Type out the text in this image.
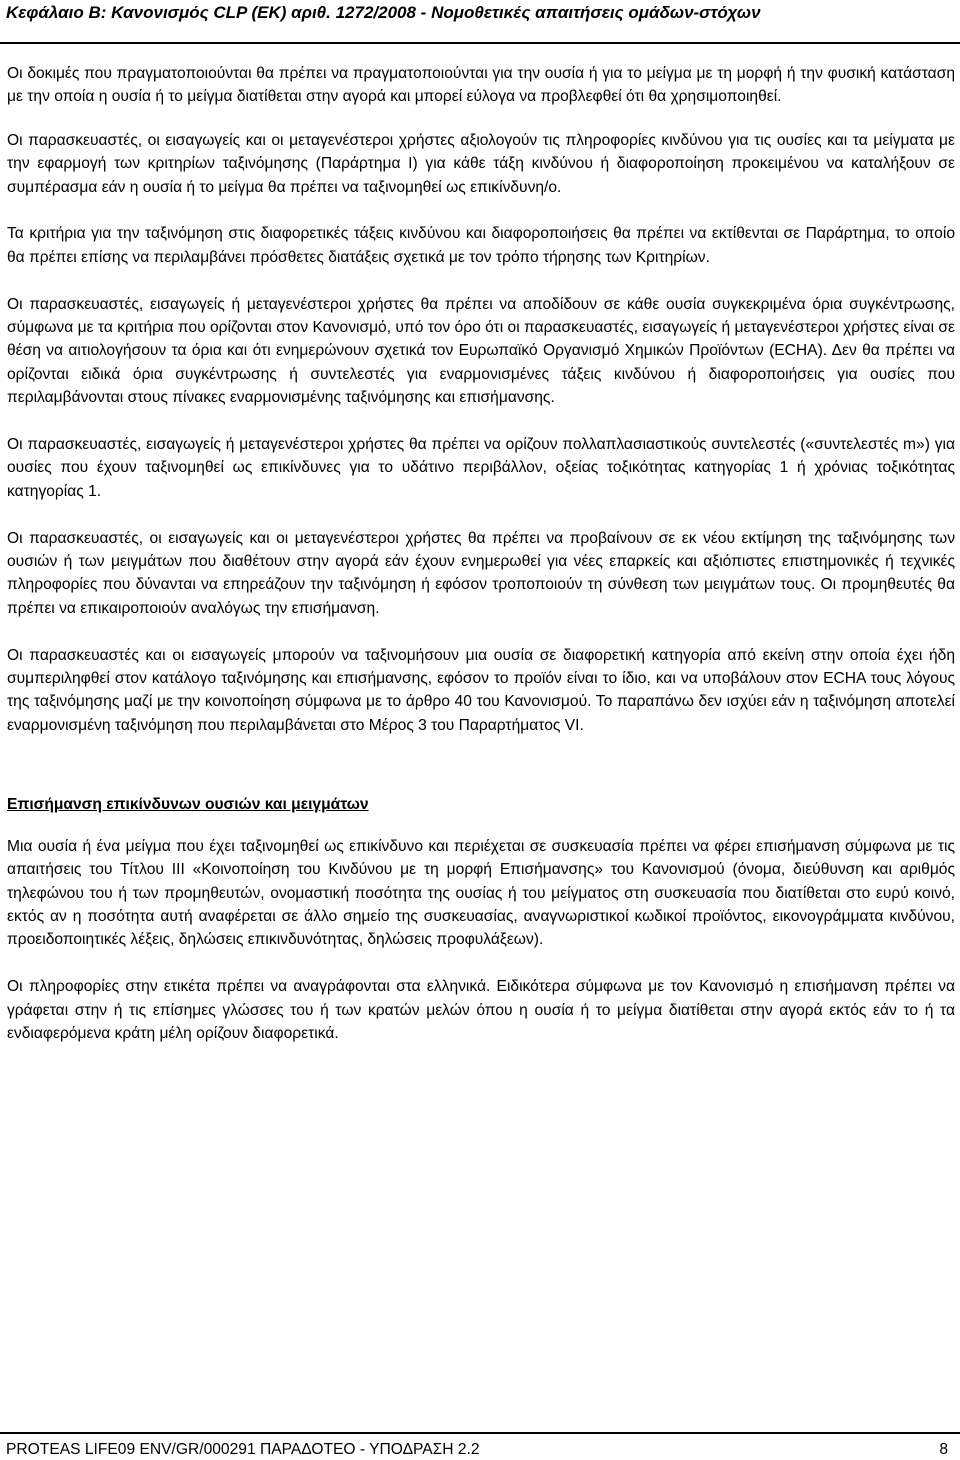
Κεφάλαιο Β: Κανονισμός CLP (ΕΚ) αριθ. 1272/2008 - Νομοθετικές απαιτήσεις ομάδων-στόχων

Οι δοκιμές που πραγματοποιούνται θα πρέπει να πραγματοποιούνται για την ουσία ή για το μείγμα με τη μορφή ή την φυσική κατάσταση με την οποία η ουσία ή το μείγμα διατίθεται στην αγορά και μπορεί εύλογα να προβλεφθεί ότι θα χρησιμοποιηθεί.

Οι παρασκευαστές, οι εισαγωγείς και οι μεταγενέστεροι χρήστες αξιολογούν τις πληροφορίες κινδύνου για τις ουσίες και τα μείγματα με την εφαρμογή των κριτηρίων ταξινόμησης (Παράρτημα Ι) για κάθε τάξη κινδύνου ή διαφοροποίηση προκειμένου να καταλήξουν σε συμπέρασμα εάν η ουσία ή το μείγμα θα πρέπει να ταξινομηθεί ως επικίνδυνη/ο.

Τα κριτήρια για την ταξινόμηση στις διαφορετικές τάξεις κινδύνου και διαφοροποιήσεις θα πρέπει να εκτίθενται σε Παράρτημα, το οποίο θα πρέπει επίσης να περιλαμβάνει πρόσθετες διατάξεις σχετικά με τον τρόπο τήρησης των Κριτηρίων.

Οι παρασκευαστές, εισαγωγείς ή μεταγενέστεροι χρήστες θα πρέπει να αποδίδουν σε κάθε ουσία συγκεκριμένα όρια συγκέντρωσης, σύμφωνα με τα κριτήρια που ορίζονται στον Κανονισμό, υπό τον όρο ότι οι παρασκευαστές, εισαγωγείς ή μεταγενέστεροι χρήστες είναι σε θέση να αιτιολογήσουν τα όρια και ότι ενημερώνουν σχετικά τον Ευρωπαϊκό Οργανισμό Χημικών Προϊόντων (ECHA). Δεν θα πρέπει να ορίζονται ειδικά όρια συγκέντρωσης ή συντελεστές για εναρμονισμένες τάξεις κινδύνου ή διαφοροποιήσεις για ουσίες που περιλαμβάνονται στους πίνακες εναρμονισμένης ταξινόμησης και επισήμανσης.

Οι παρασκευαστές, εισαγωγείς ή μεταγενέστεροι χρήστες θα πρέπει να ορίζουν πολλαπλασιαστικούς συντελεστές («συντελεστές m») για ουσίες που έχουν ταξινομηθεί ως επικίνδυνες για το υδάτινο περιβάλλον, οξείας τοξικότητας κατηγορίας 1 ή χρόνιας τοξικότητας κατηγορίας 1.

Οι παρασκευαστές, οι εισαγωγείς και οι μεταγενέστεροι χρήστες θα πρέπει να προβαίνουν σε εκ νέου εκτίμηση της ταξινόμησης των ουσιών ή των μειγμάτων που διαθέτουν στην αγορά εάν έχουν ενημερωθεί για νέες επαρκείς και αξιόπιστες επιστημονικές ή τεχνικές πληροφορίες που δύνανται να επηρεάζουν την ταξινόμηση ή εφόσον τροποποιούν τη σύνθεση των μειγμάτων τους. Οι προμηθευτές θα πρέπει να επικαιροποιούν αναλόγως την επισήμανση.

Οι παρασκευαστές και οι εισαγωγείς μπορούν να ταξινομήσουν μια ουσία σε διαφορετική κατηγορία από εκείνη στην οποία έχει ήδη συμπεριληφθεί στον κατάλογο ταξινόμησης και επισήμανσης, εφόσον το προϊόν είναι το ίδιο, και να υποβάλουν στον ECHA τους λόγους της ταξινόμησης μαζί με την κοινοποίηση σύμφωνα με το άρθρο 40 του Κανονισμού. Το παραπάνω δεν ισχύει εάν η ταξινόμηση αποτελεί εναρμονισμένη ταξινόμηση που περιλαμβάνεται στο Μέρος 3 του Παραρτήματος VI.

Επισήμανση επικίνδυνων ουσιών και μειγμάτων

Μια ουσία ή ένα μείγμα που έχει ταξινομηθεί ως επικίνδυνο και περιέχεται σε συσκευασία πρέπει να φέρει επισήμανση σύμφωνα με τις απαιτήσεις του Τίτλου ΙΙΙ «Κοινοποίηση του Κινδύνου με τη μορφή Επισήμανσης» του Κανονισμού (όνομα, διεύθυνση και αριθμός τηλεφώνου του ή των προμηθευτών, ονομαστική ποσότητα της ουσίας ή του μείγματος στη συσκευασία που διατίθεται στο ευρύ κοινό, εκτός αν η ποσότητα αυτή αναφέρεται σε άλλο σημείο της συσκευασίας, αναγνωριστικοί κωδικοί προϊόντος, εικονογράμματα κινδύνου, προειδοποιητικές λέξεις, δηλώσεις επικινδυνότητας, δηλώσεις προφυλάξεων).

Οι πληροφορίες στην ετικέτα πρέπει να αναγράφονται στα ελληνικά. Ειδικότερα σύμφωνα με τον Κανονισμό η επισήμανση πρέπει να γράφεται στην ή τις επίσημες γλώσσες του ή των κρατών μελών όπου η ουσία ή το μείγμα διατίθεται στην αγορά εκτός εάν το ή τα ενδιαφερόμενα κράτη μέλη ορίζουν διαφορετικά.

PROTEAS LIFE09 ENV/GR/000291 ΠΑΡΑΔΟΤΕΟ - ΥΠΟΔΡΑΣΗ 2.2	8
